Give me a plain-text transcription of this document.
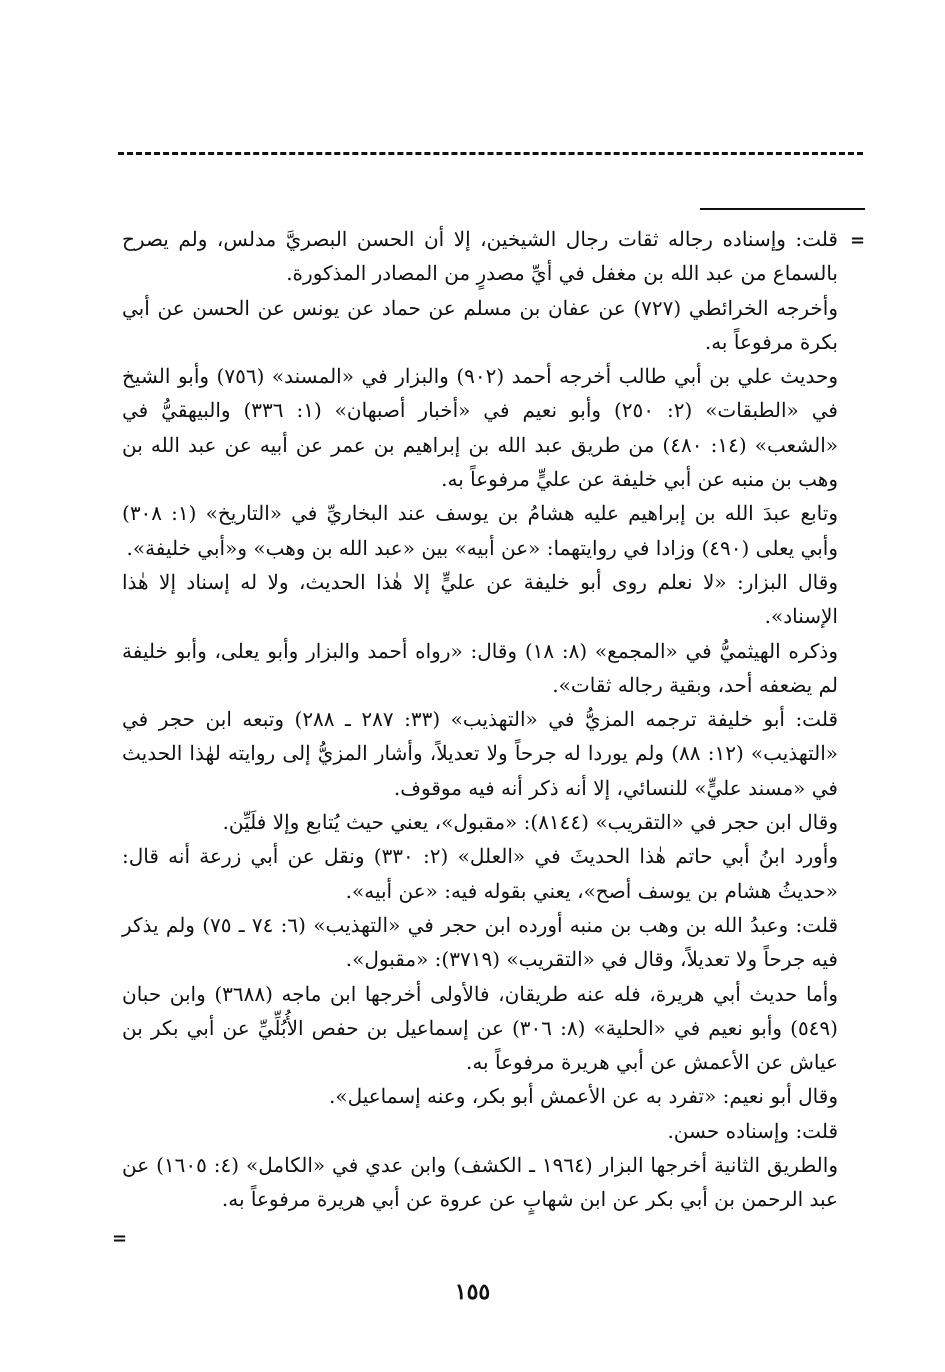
=

قلت: وإسناده رجاله ثقات رجال الشيخين، إلا أن الحسن البصريَّ مدلس، ولم يصرح بالسماع من عبد الله بن مغفل في أيِّ مصدرٍ من المصادر المذكورة.

وأخرجه الخرائطي (٧٢٧) عن عفان بن مسلم عن حماد عن يونس عن الحسن عن أبي بكرة مرفوعاً به.

وحديث علي بن أبي طالب أخرجه أحمد (٩٠٢) والبزار في «المسند» (٧٥٦) وأبو الشيخ في «الطبقات» (٢: ٢٥٠) وأبو نعيم في «أخبار أصبهان» (١: ٣٣٦) والبيهقيُّ في «الشعب» (١٤: ٤٨٠) من طريق عبد الله بن إبراهيم بن عمر عن أبيه عن عبد الله بن وهب بن منبه عن أبي خليفة عن عليٍّ مرفوعاً به.

وتابع عبدَ الله بن إبراهيم عليه هشامُ بن يوسف عند البخاريِّ في «التاريخ» (١: ٣٠٨) وأبي يعلى (٤٩٠) وزادا في روايتهما: «عن أبيه» بين «عبد الله بن وهب» و«أبي خليفة».

وقال البزار: «لا نعلم روى أبو خليفة عن عليٍّ إلا هٰذا الحديث، ولا له إسناد إلا هٰذا الإسناد».

وذكره الهيثميُّ في «المجمع» (٨: ١٨) وقال: «رواه أحمد والبزار وأبو يعلى، وأبو خليفة لم يضعفه أحد، وبقية رجاله ثقات».

قلت: أبو خليفة ترجمه المزيُّ في «التهذيب» (٣٣: ٢٨٧ ـ ٢٨٨) وتبعه ابن حجر في «التهذيب» (١٢: ٨٨) ولم يوردا له جرحاً ولا تعديلاً، وأشار المزيُّ إلى روايته لهٰذا الحديث في «مسند عليٍّ» للنسائي، إلا أنه ذكر أنه فيه موقوف.

وقال ابن حجر في «التقريب» (٨١٤٤): «مقبول»، يعني حيث يُتابع وإلا فلَيِّن.

وأورد ابنُ أبي حاتم هٰذا الحديثَ في «العلل» (٢: ٣٣٠) ونقل عن أبي زرعة أنه قال: «حديثُ هشام بن يوسف أصح»، يعني بقوله فيه: «عن أبيه».

قلت: وعبدُ الله بن وهب بن منبه أورده ابن حجر في «التهذيب» (٦: ٧٤ ـ ٧٥) ولم يذكر فيه جرحاً ولا تعديلاً، وقال في «التقريب» (٣٧١٩): «مقبول».

وأما حديث أبي هريرة، فله عنه طريقان، فالأولى أخرجها ابن ماجه (٣٦٨٨) وابن حبان (٥٤٩) وأبو نعيم في «الحلية» (٨: ٣٠٦) عن إسماعيل بن حفص الأُبُلِّيِّ عن أبي بكر بن عياش عن الأعمش عن أبي هريرة مرفوعاً به.

وقال أبو نعيم: «تفرد به عن الأعمش أبو بكر، وعنه إسماعيل».

قلت: وإسناده حسن.

والطريق الثانية أخرجها البزار (١٩٦٤ ـ الكشف) وابن عدي في «الكامل» (٤: ١٦٠٥) عن عبد الرحمن بن أبي بكر عن ابن شهابٍ عن عروة عن أبي هريرة مرفوعاً به.

=
١٥٥
